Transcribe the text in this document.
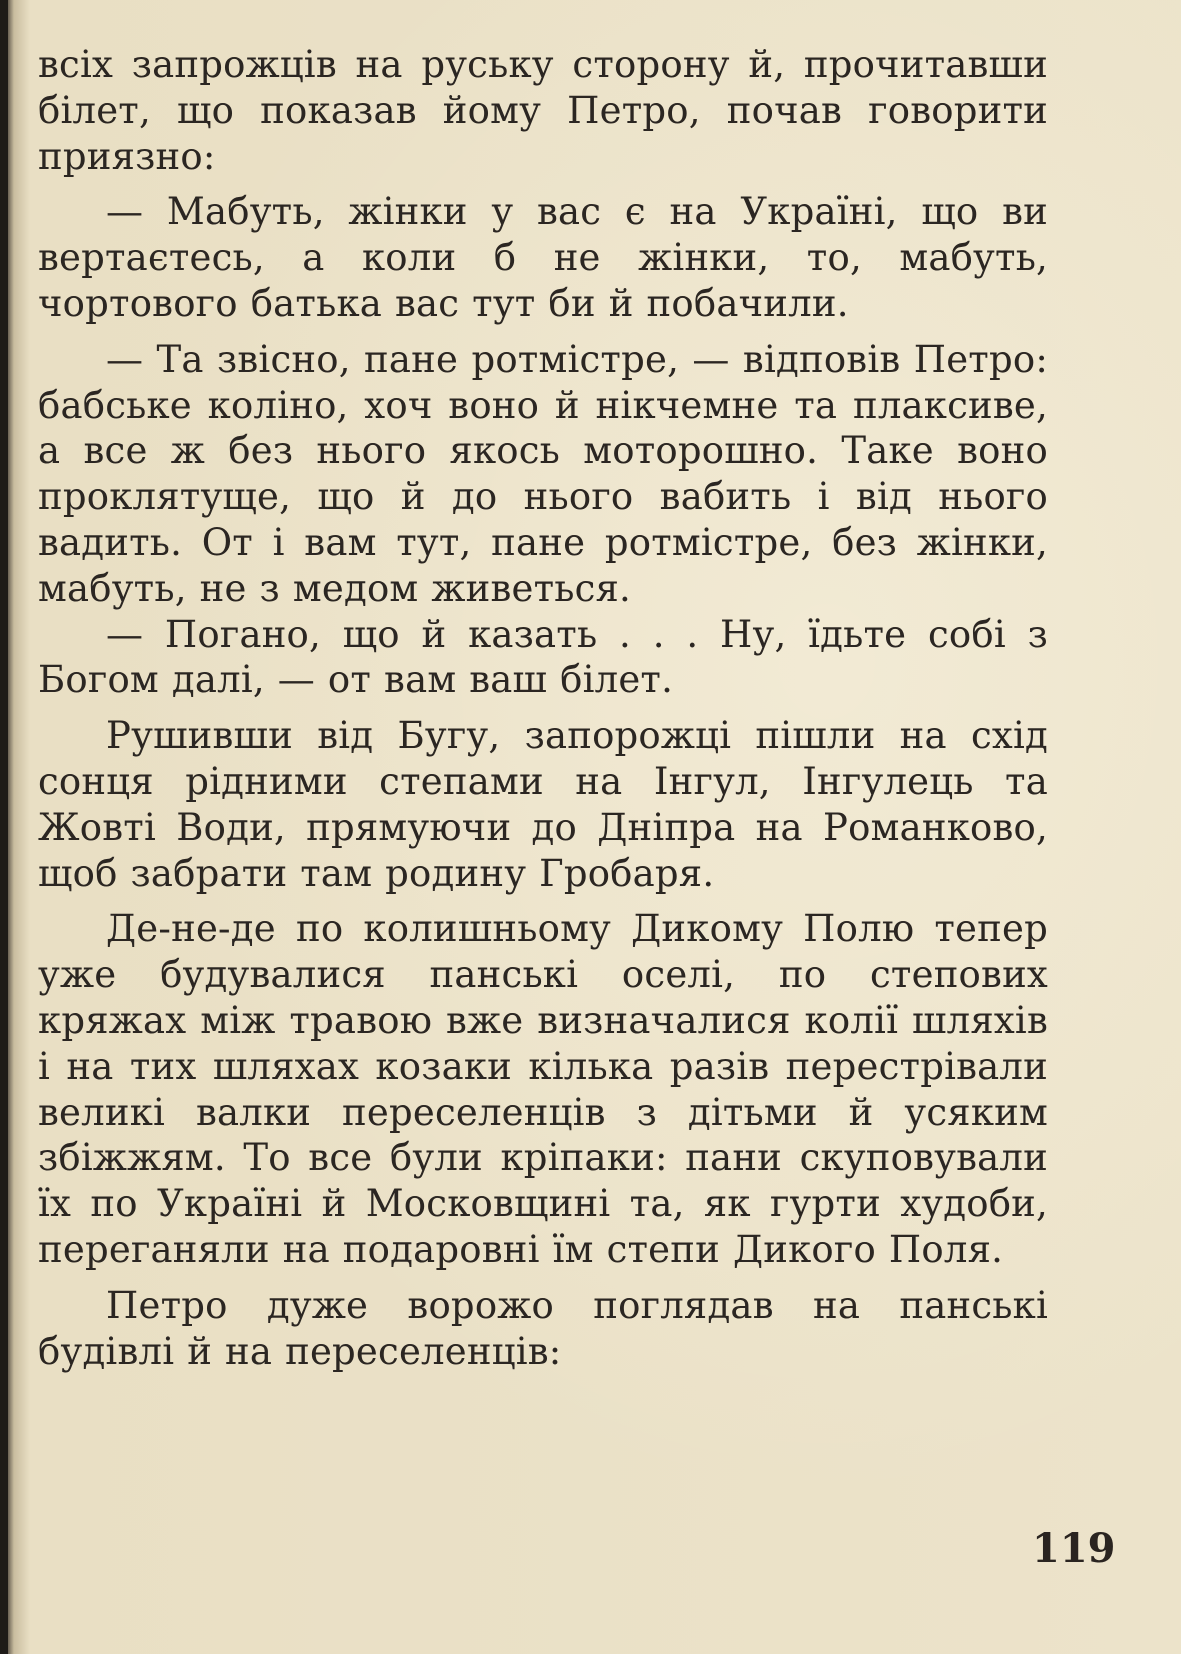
всіх запрожців на руську сторону й, прочитавши білет, що показав йому Петро, почав говорити приязно:

— Мабуть, жінки у вас є на Україні, що ви вертаєтесь, а коли б не жінки, то, мабуть, чортового батька вас тут би й побачили.

— Та звісно, пане ротмістре, — відповів Петро: бабське коліно, хоч воно й нікчемне та плаксиве, а все ж без нього якось моторошно. Таке воно проклятуще, що й до нього вабить і від нього вадить. От і вам тут, пане ротмістре, без жінки, мабуть, не з медом живеться.

— Погано, що й казать . . . Ну, їдьте собі з Богом далі, — от вам ваш білет.

Рушивши від Бугу, запорожці пішли на схід сонця рідними степами на Інгул, Інгулець та Жовті Води, прямуючи до Дніпра на Романково, щоб забрати там родину Гробаря.

Де-не-де по колишньому Дикому Полю тепер уже будувалися панські оселі, по степових кряжах між травою вже визначалися колії шляхів і на тих шляхах козаки кілька разів перестрівали великі валки переселенців з дітьми й усяким збіжжям. То все були кріпаки: пани скуповували їх по Україні й Московщині та, як гурти худоби, переганяли на подаровні їм степи Дикого Поля.

Петро дуже ворожо поглядав на панські будівлі й на переселенців:

119
